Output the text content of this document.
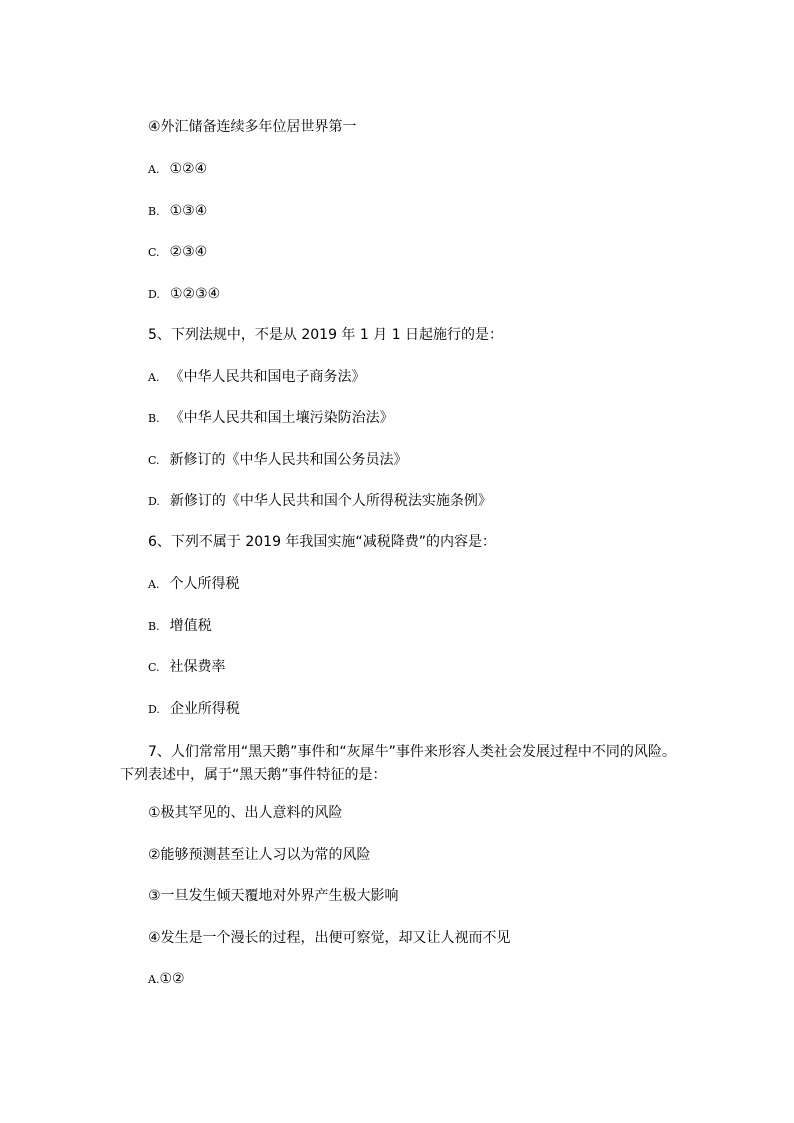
④外汇储备连续多年位居世界第一
A. ①②④
B. ①③④
C. ②③④
D. ①②③④
5、下列法规中，不是从 2019 年 1 月 1 日起施行的是：
A. 《中华人民共和国电子商务法》
B. 《中华人民共和国土壤污染防治法》
C. 新修订的《中华人民共和国公务员法》
D. 新修订的《中华人民共和国个人所得税法实施条例》
6、下列不属于 2019 年我国实施“减税降费”的内容是：
A. 个人所得税
B. 增值税
C. 社保费率
D. 企业所得税
7、人们常常用“黑天鹅”事件和“灰犀牛”事件来形容人类社会发展过程中不同的风险。下列表述中，属于“黑天鹅”事件特征的是：
①极其罕见的、出人意料的风险
②能够预测甚至让人习以为常的风险
③一旦发生倾天覆地对外界产生极大影响
④发生是一个漫长的过程，出便可察觉，却又让人视而不见
A.①②
